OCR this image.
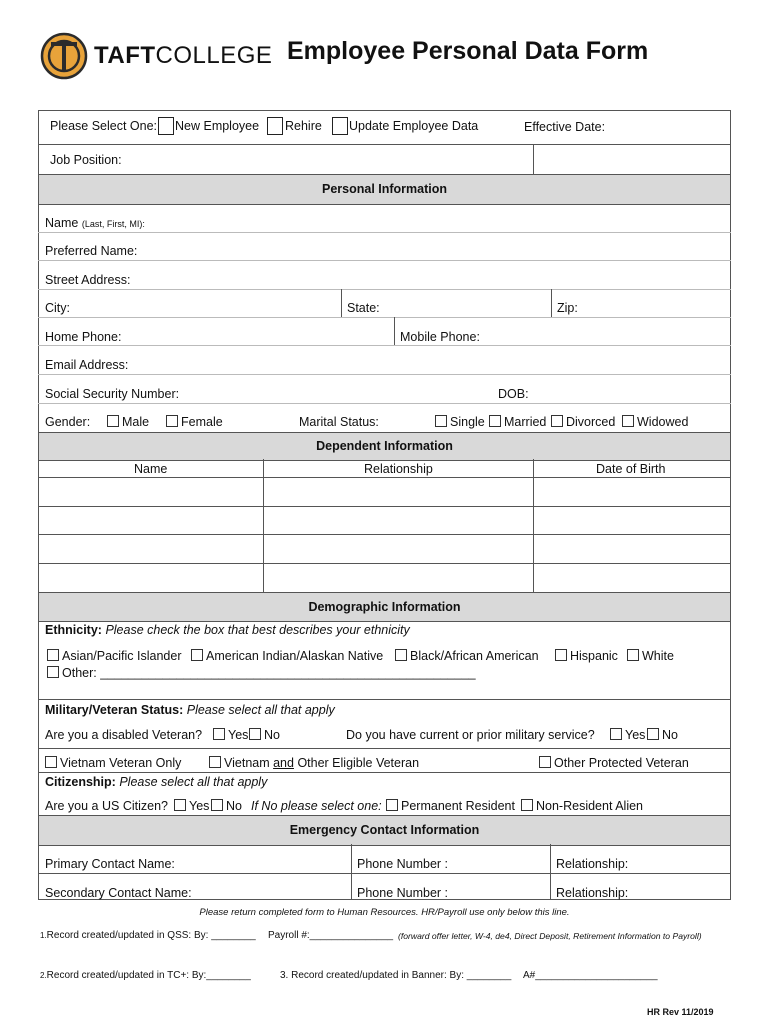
TAFTCOLLEGE Employee Personal Data Form
Please Select One: New Employee Rehire Update Employee Data	Effective Date:
Job Position:
Personal Information
Name (Last, First, MI):
Preferred Name:
Street Address:
City:	State:	Zip:
Home Phone:	Mobile Phone:
Email Address:
Social Security Number:	DOB:
Gender:	Male	Female	Marital Status:	Single	Married	Divorced	Widowed
Dependent Information
Name	Relationship	Date of Birth
Demographic Information
Ethnicity: Please check the box that best describes your ethnicity
Asian/Pacific Islander	American Indian/Alaskan Native	Black/African American	Hispanic	White
Other: ______________________________________________________
Military/Veteran Status: Please select all that apply
Are you a disabled Veteran?	Yes	No	Do you have current or prior military service?	Yes	No
Vietnam Veteran Only	Vietnam and Other Eligible Veteran	Other Protected Veteran
Citizenship: Please select all that apply
Are you a US Citizen?	Yes	No If No please select one:	Permanent Resident	Non-Resident Alien
Emergency Contact Information
Primary Contact Name:	Phone Number :	Relationship:
Secondary Contact Name:	Phone Number :	Relationship:
Please return completed form to Human Resources. HR/Payroll use only below this line.
1.Record created/updated in QSS: By: ________ Payroll #:_______________ (forward offer letter, W-4, de4, Direct Deposit, Retirement Information to Payroll)
2.Record created/updated in TC+: By:________	3. Record created/updated in Banner: By: ________ A#______________________
HR Rev 11/2019
